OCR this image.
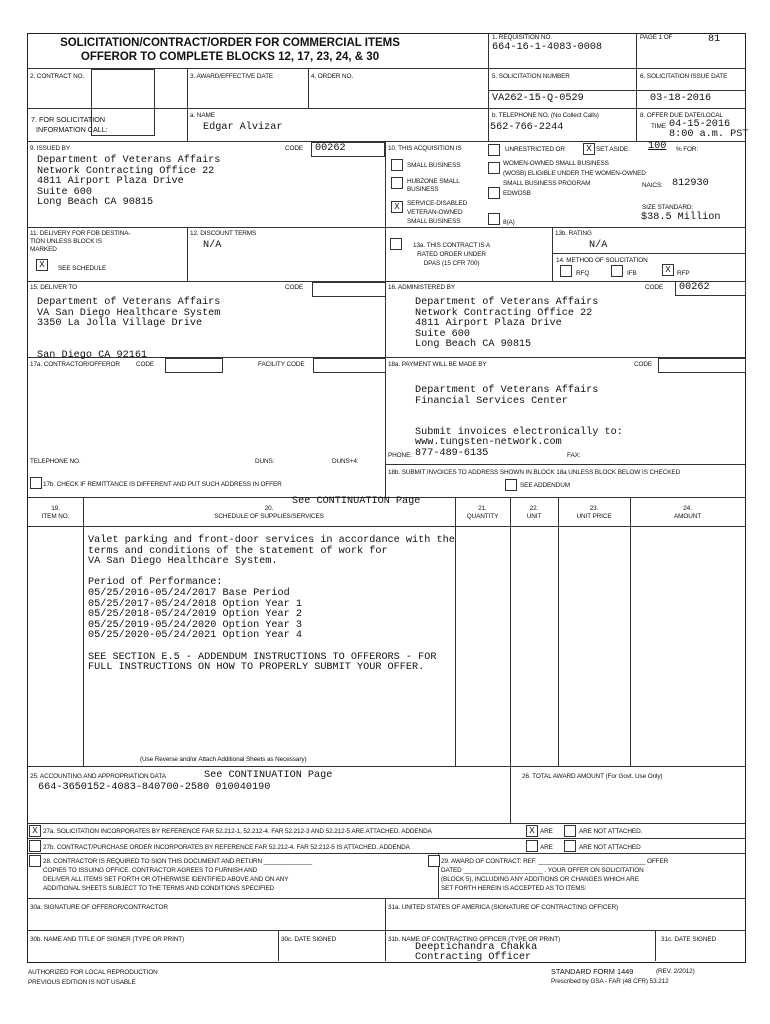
SOLICITATION/CONTRACT/ORDER FOR COMMERCIAL ITEMS
OFFEROR TO COMPLETE BLOCKS 12, 17, 23, 24, & 30
1. REQUISITION NO.
664-16-1-4083-0008
PAGE 1 OF	81
2. CONTRACT NO.	3. AWARD/EFFECTIVE DATE	4. ORDER NO.	5. SOLICITATION NUMBER
VA262-15-Q-0529
6. SOLICITATION ISSUE DATE
03-18-2016
7. FOR SOLICITATION
INFORMATION CALL:
a. NAME
Edgar Alvizar
b. TELEPHONE NO. (No Collect Calls)
562-766-2244
8. OFFER DUE DATE/LOCAL
TIME 04-15-2016
8:00 a.m. PST
9. ISSUED BY	CODE 00262
Department of Veterans Affairs
Network Contracting Office 22
4811 Airport Plaza Drive
Suite 600
Long Beach CA 90815
10. THIS ACQUISITION IS	UNRESTRICTED OR	X SET ASIDE: 100 % FOR:
SMALL BUSINESS
HUBZONE SMALL
BUSINESS
X	SERVICE-DISABLED
VETERAN-OWNED
SMALL BUSINESS
WOMEN-OWNED SMALL BUSINESS
(WOSB) ELIGIBLE UNDER THE WOMEN-OWNED
SMALL BUSINESS PROGRAM
EDWOSB
8(A)
NAICS: 812930
SIZE STANDARD:
$38.5 Million
11. DELIVERY FOR FOB DESTINA-
TION UNLESS BLOCK IS
MARKED
X	SEE SCHEDULE
12. DISCOUNT TERMS
N/A	13a. THIS CONTRACT IS A
RATED ORDER UNDER
DPAS (15 CFR 700)
13b. RATING
N/A
14. METHOD OF SOLICITATION
RFQ	IFB	X RFP
15. DELIVER TO	CODE
Department of Veterans Affairs
VA San Diego Healthcare System
3350 La Jolla Village Drive
San Diego CA 92161
16. ADMINISTERED BY	CODE 00262
Department of Veterans Affairs
Network Contracting Office 22
4811 Airport Plaza Drive
Suite 600
Long Beach CA 90815
17a. CONTRACTOR/OFFEROR	CODE	FACILITY CODE
TELEPHONE NO.	DUNS:	DUNS+4:
17b. CHECK IF REMITTANCE IS DIFFERENT AND PUT SUCH ADDRESS IN OFFER
18a. PAYMENT WILL BE MADE BY	CODE
Department of Veterans Affairs
Financial Services Center
Submit invoices electronically to:
www.tungsten-network.com
PHONE: 877-489-6135	FAX:
18b. SUBMIT INVOICES TO ADDRESS SHOWN IN BLOCK 18a UNLESS BLOCK BELOW IS CHECKED
SEE ADDENDUM
19.
ITEM NO.
See CONTINUATION Page
20.
SCHEDULE OF SUPPLIES/SERVICES
21.
QUANTITY
22.
UNIT
23.
UNIT PRICE
24.
AMOUNT
Valet parking and front-door services in accordance with the
terms and conditions of the statement of work for
VA San Diego Healthcare System.
Period of Performance:
05/25/2016-05/24/2017 Base Period
05/25/2017-05/24/2018 Option Year 1
05/25/2018-05/24/2019 Option Year 2
05/25/2019-05/24/2020 Option Year 3
05/25/2020-05/24/2021 Option Year 4
SEE SECTION E.5 - ADDENDUM INSTRUCTIONS TO OFFERORS - FOR
FULL INSTRUCTIONS ON HOW TO PROPERLY SUBMIT YOUR OFFER.
(Use Reverse and/or Attach Additional Sheets as Necessary)
25. ACCOUNTING AND APPROPRIATION DATA	See CONTINUATION Page
664-3650152-4083-840700-2580 010040190
26. TOTAL AWARD AMOUNT (For Govt. Use Only)
X 27a. SOLICITATION INCORPORATES BY REFERENCE FAR 52.212-1, 52.212-4. FAR 52.212-3 AND 52.212-5 ARE ATTACHED. ADDENDA	X ARE	ARE NOT ATTACHED.
27b. CONTRACT/PURCHASE ORDER INCORPORATES BY REFERENCE FAR 52.212-4. FAR 52.212-5 IS ATTACHED. ADDENDA	ARE	ARE NOT ATTACHED
28. CONTRACTOR IS REQUIRED TO SIGN THIS DOCUMENT AND RETURN ______________
COPIES TO ISSUING OFFICE. CONTRACTOR AGREES TO FURNISH AND
DELIVER ALL ITEMS SET FORTH OR OTHERWISE IDENTIFIED ABOVE AND ON ANY
ADDITIONAL SHEETS SUBJECT TO THE TERMS AND CONDITIONS SPECIFIED
29. AWARD OF CONTRACT: REF. _______________________________ OFFER
DATED _______________________ . YOUR OFFER ON SOLICITATION
(BLOCK 5), INCLUDING ANY ADDITIONS OR CHANGES WHICH ARE
SET FORTH HEREIN IS ACCEPTED AS TO ITEMS:
30a. SIGNATURE OF OFFEROR/CONTRACTOR	31a. UNITED STATES OF AMERICA (SIGNATURE OF CONTRACTING OFFICER)
30b. NAME AND TITLE OF SIGNER (TYPE OR PRINT)	30c. DATE SIGNED	31b. NAME OF CONTRACTING OFFICER (TYPE OR PRINT)
Deeptichandra Chakka
Contracting Officer
31c. DATE SIGNED
AUTHORIZED FOR LOCAL REPRODUCTION
PREVIOUS EDITION IS NOT USABLE
STANDARD FORM 1449	(REV. 2/2012)
Prescribed by GSA - FAR (48 CFR) 53.212
